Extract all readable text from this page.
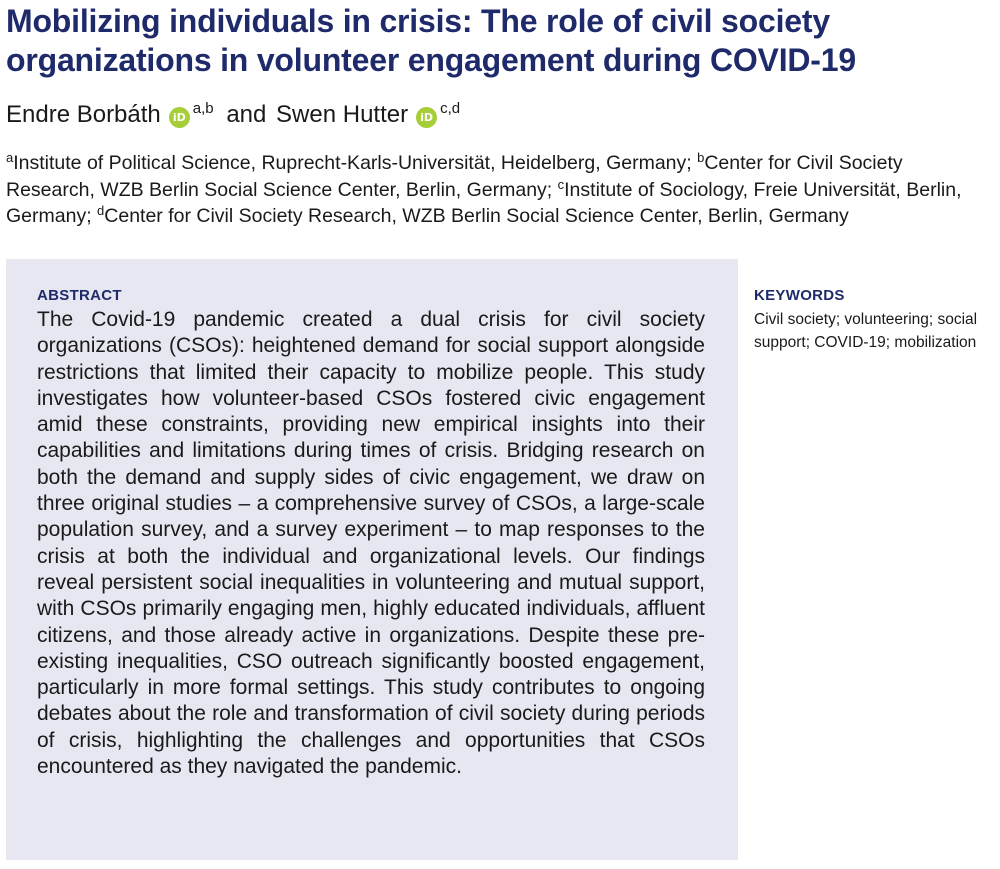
Mobilizing individuals in crisis: The role of civil society organizations in volunteer engagement during COVID-19
Endre Borbáth iD$^{a,b}$ and Swen Hutter iD$^{c,d}$
$^a$Institute of Political Science, Ruprecht-Karls-Universität, Heidelberg, Germany; $^b$Center for Civil Society Research, WZB Berlin Social Science Center, Berlin, Germany; $^c$Institute of Sociology, Freie Universität, Berlin, Germany; $^d$Center for Civil Society Research, WZB Berlin Social Science Center, Berlin, Germany
ABSTRACT

The Covid-19 pandemic created a dual crisis for civil society organizations (CSOs): heightened demand for social support alongside restrictions that limited their capacity to mobilize people. This study investigates how volunteer-based CSOs fostered civic engagement amid these constraints, providing new empirical insights into their capabilities and limitations during times of crisis. Bridging research on both the demand and supply sides of civic engagement, we draw on three original studies – a comprehensive survey of CSOs, a large-scale population survey, and a survey experiment – to map responses to the crisis at both the individual and organizational levels. Our findings reveal persistent social inequalities in volunteering and mutual support, with CSOs primarily engaging men, highly educated individuals, affluent citizens, and those already active in organizations. Despite these pre-existing inequalities, CSO outreach significantly boosted engagement, particularly in more formal settings. This study contributes to ongoing debates about the role and transformation of civil society during periods of crisis, highlighting the challenges and opportunities that CSOs encountered as they navigated the pandemic.

KEYWORDS

Civil society; volunteering; social support; COVID-19; mobilization
